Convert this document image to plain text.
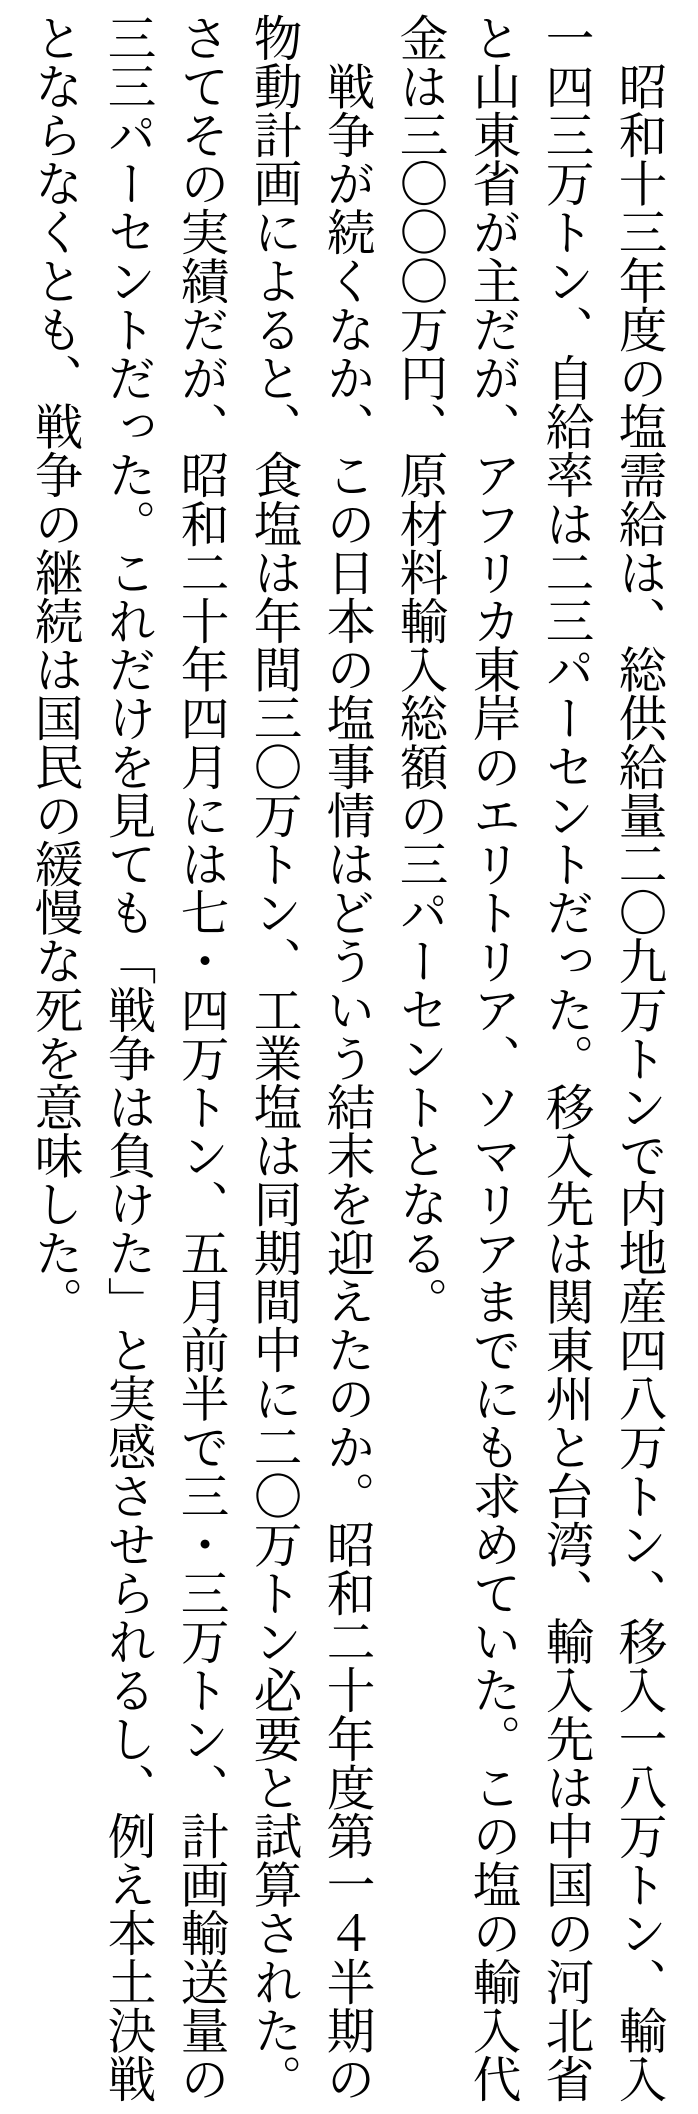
　昭和十三年度の塩需給は、総供給量二〇九万トンで内地産四八万トン、移入一八万トン、輸入
一四三万トン、自給率は二三パーセントだった。移入先は関東州と台湾、輸入先は中国の河北省
と山東省が主だが、アフリカ東岸のエリトリア、ソマリアまでにも求めていた。この塩の輸入代
金は三〇〇〇万円、原材料輸入総額の三パーセントとなる。
　戦争が続くなか、この日本の塩事情はどういう結末を迎えたのか。昭和二十年度第一４半期の
物動計画によると、食塩は年間三〇万トン、工業塩は同期間中に二〇万トン必要と試算された。
さてその実績だが、昭和二十年四月には七・四万トン、五月前半で三・三万トン、計画輸送量の
三三パーセントだった。これだけを見ても「戦争は負けた」と実感させられるし、例え本土決戦
とならなくとも、戦争の継続は国民の緩慢な死を意味した。
